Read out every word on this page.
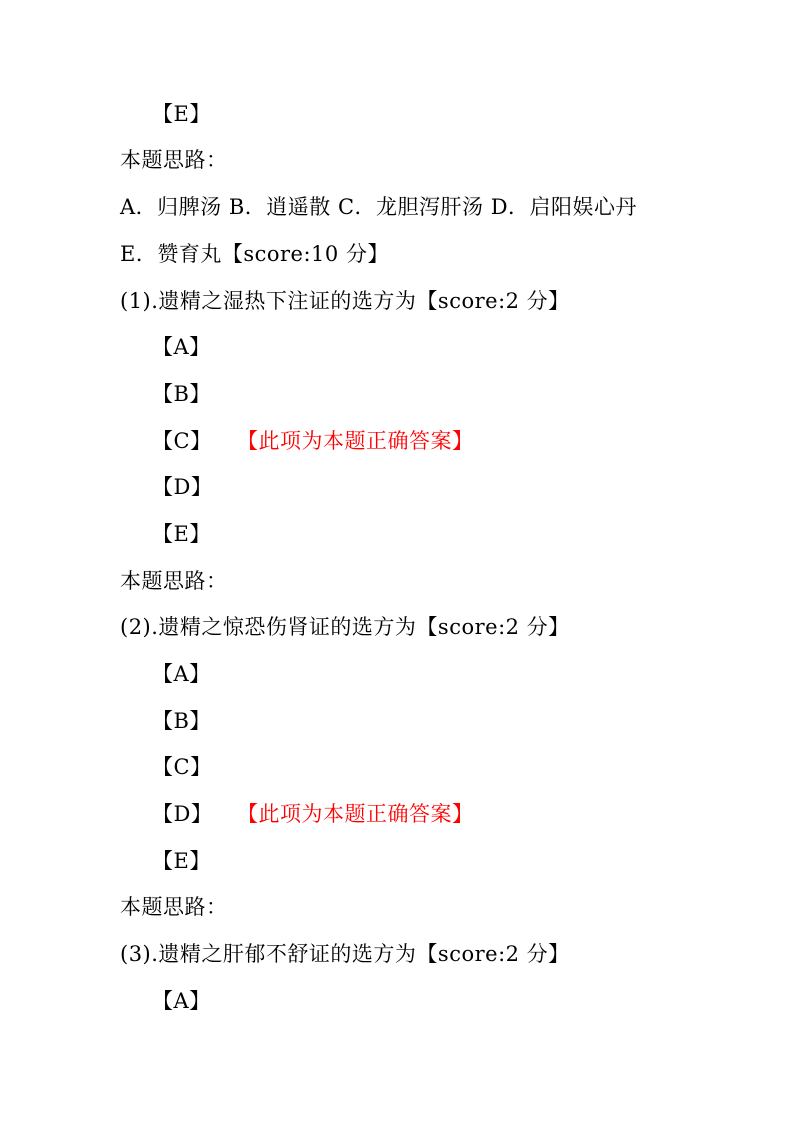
【E】
本题思路：
A．归脾汤 B．逍遥散 C．龙胆泻肝汤 D．启阳娱心丹
E．赞育丸【score:10 分】
(1).遗精之湿热下注证的选方为【score:2 分】
【A】
【B】
【C】 【此项为本题正确答案】
【D】
【E】
本题思路：
(2).遗精之惊恐伤肾证的选方为【score:2 分】
【A】
【B】
【C】
【D】 【此项为本题正确答案】
【E】
本题思路：
(3).遗精之肝郁不舒证的选方为【score:2 分】
【A】
